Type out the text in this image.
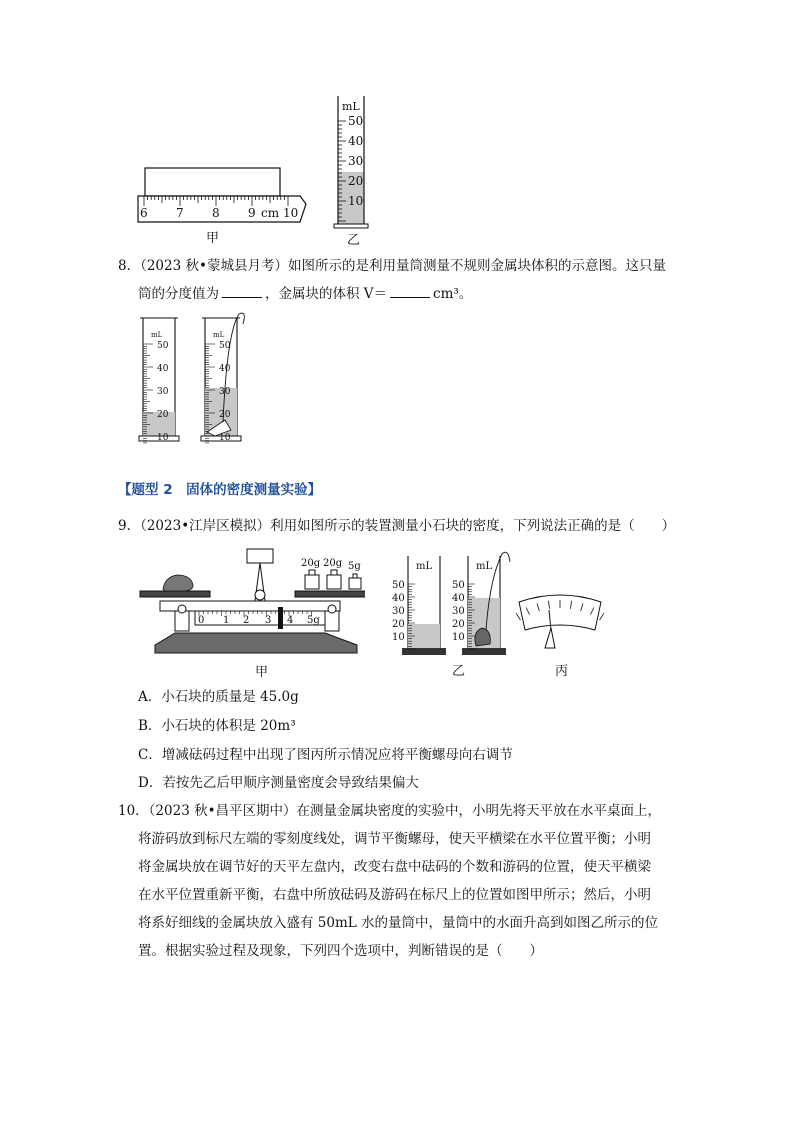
6 7 8 9 cm 10
mL
50
40
30
20
10
甲	乙
8．（2023 秋•蒙城县月考）如图所示的是利用量筒测量不规则金属块体积的示意图。这只量
筒的分度值为	，金属块的体积 V＝	cm³。
mL
50
40
30
20
10
mL
50
40
30
20
10
【题型 2　固体的密度测量实验】
9．（2023•江岸区模拟）利用如图所示的装置测量小石块的密度，下列说法正确的是（　　）
0 1 2 3 4 5g
20g 20g 5g
甲
mL
50
40
30
20
10
mL
50
40
30
20
10
乙	丙
A．小石块的质量是 45.0g
B．小石块的体积是 20m³
C．增减砝码过程中出现了图丙所示情况应将平衡螺母向右调节
D．若按先乙后甲顺序测量密度会导致结果偏大
10．（2023 秋•昌平区期中）在测量金属块密度的实验中，小明先将天平放在水平桌面上，
将游码放到标尺左端的零刻度线处，调节平衡螺母，使天平横梁在水平位置平衡；小明
将金属块放在调节好的天平左盘内，改变右盘中砝码的个数和游码的位置，使天平横梁
在水平位置重新平衡，右盘中所放砝码及游码在标尺上的位置如图甲所示；然后，小明
将系好细线的金属块放入盛有 50mL 水的量筒中，量筒中的水面升高到如图乙所示的位
置。根据实验过程及现象，下列四个选项中，判断错误的是（　　）
